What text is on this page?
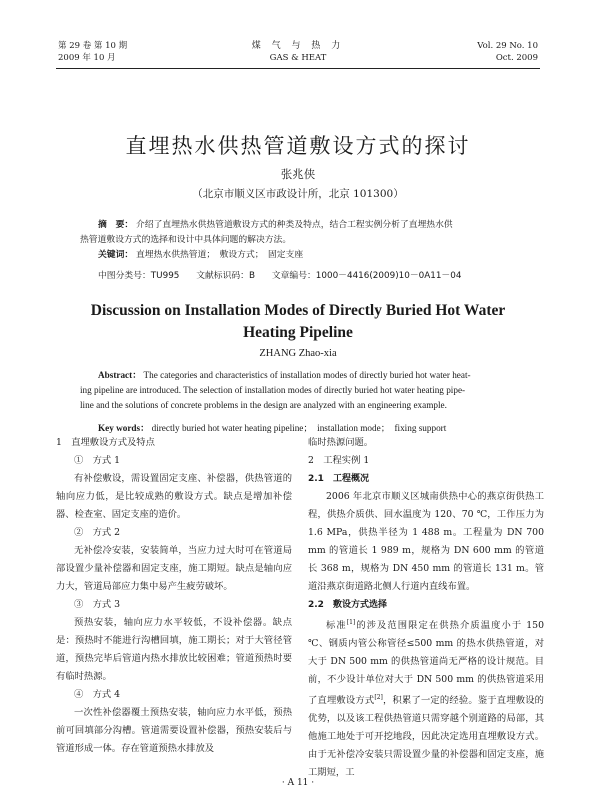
第 29 卷 第 10 期
2009 年 10 月
煤 气 与 热 力
GAS & HEAT
Vol. 29 No. 10
Oct. 2009
直埋热水供热管道敷设方式的探讨
张兆侠
（北京市顺义区市政设计所，北京 101300）
摘　要： 介绍了直埋热水供热管道敷设方式的种类及特点，结合工程实例分析了直埋热水供
热管道敷设方式的选择和设计中具体问题的解决方法。
关键词： 直埋热水供热管道；　敷设方式；　固定支座
中图分类号：TU995 文献标识码：B 文章编号：1000－4416(2009)10－0A11－04
Discussion on Installation Modes of Directly Buried Hot Water
Heating Pipeline
ZHANG Zhao-xia
Abstract： The categories and characteristics of installation modes of directly buried hot water heat-
ing pipeline are introduced. The selection of installation modes of directly buried hot water heating pipe-
line and the solutions of concrete problems in the design are analyzed with an engineering example.
Key words： directly buried hot water heating pipeline；　installation mode；　fixing support

1　直埋敷设方式及特点

①　方式 1

有补偿敷设，需设置固定支座、补偿器，供热管道的轴向应力低，是比较成熟的敷设方式。缺点是增加补偿器、检查室、固定支座的造价。

②　方式 2

无补偿冷安装，安装简单，当应力过大时可在管道局部设置少量补偿器和固定支座，施工期短。缺点是轴向应力大，管道局部应力集中易产生疲劳破坏。

③　方式 3

预热安装，轴向应力水平较低，不设补偿器。缺点是：预热时不能进行沟槽回填，施工期长；对于大管径管道，预热完毕后管道内热水排放比较困难；管道预热时要有临时热源。

④　方式 4

一次性补偿器覆土预热安装，轴向应力水平低，预热前可回填部分沟槽。管道需要设置补偿器，预热安装后与管道形成一体。存在管道预热水排放及

临时热源问题。

2　工程实例 1

2.1　工程概况

2006 年北京市顺义区城南供热中心的燕京街供热工程，供热介质供、回水温度为 120、70 ℃，工作压力为 1.6 MPa，供热半径为 1 488 m。工程量为 DN 700 mm 的管道长 1 989 m，规格为 DN 600 mm 的管道长 368 m，规格为 DN 450 mm 的管道长 131 m。管道沿燕京街道路北侧人行道内直线布置。

2.2　敷设方式选择

标准[1]的涉及范围限定在供热介质温度小于 150 ℃、钢质内管公称管径≤500 mm 的热水供热管道，对大于 DN 500 mm 的供热管道尚无严格的设计规范。目前，不少设计单位对大于 DN 500 mm 的供热管道采用了直埋敷设方式[2]，积累了一定的经验。鉴于直埋敷设的优势，以及该工程供热管道只需穿越个别道路的局部，其他施工地处于可开挖地段，因此决定选用直埋敷设方式。由于无补偿冷安装只需设置少量的补偿器和固定支座，施工期短，工

· A 11 ·
